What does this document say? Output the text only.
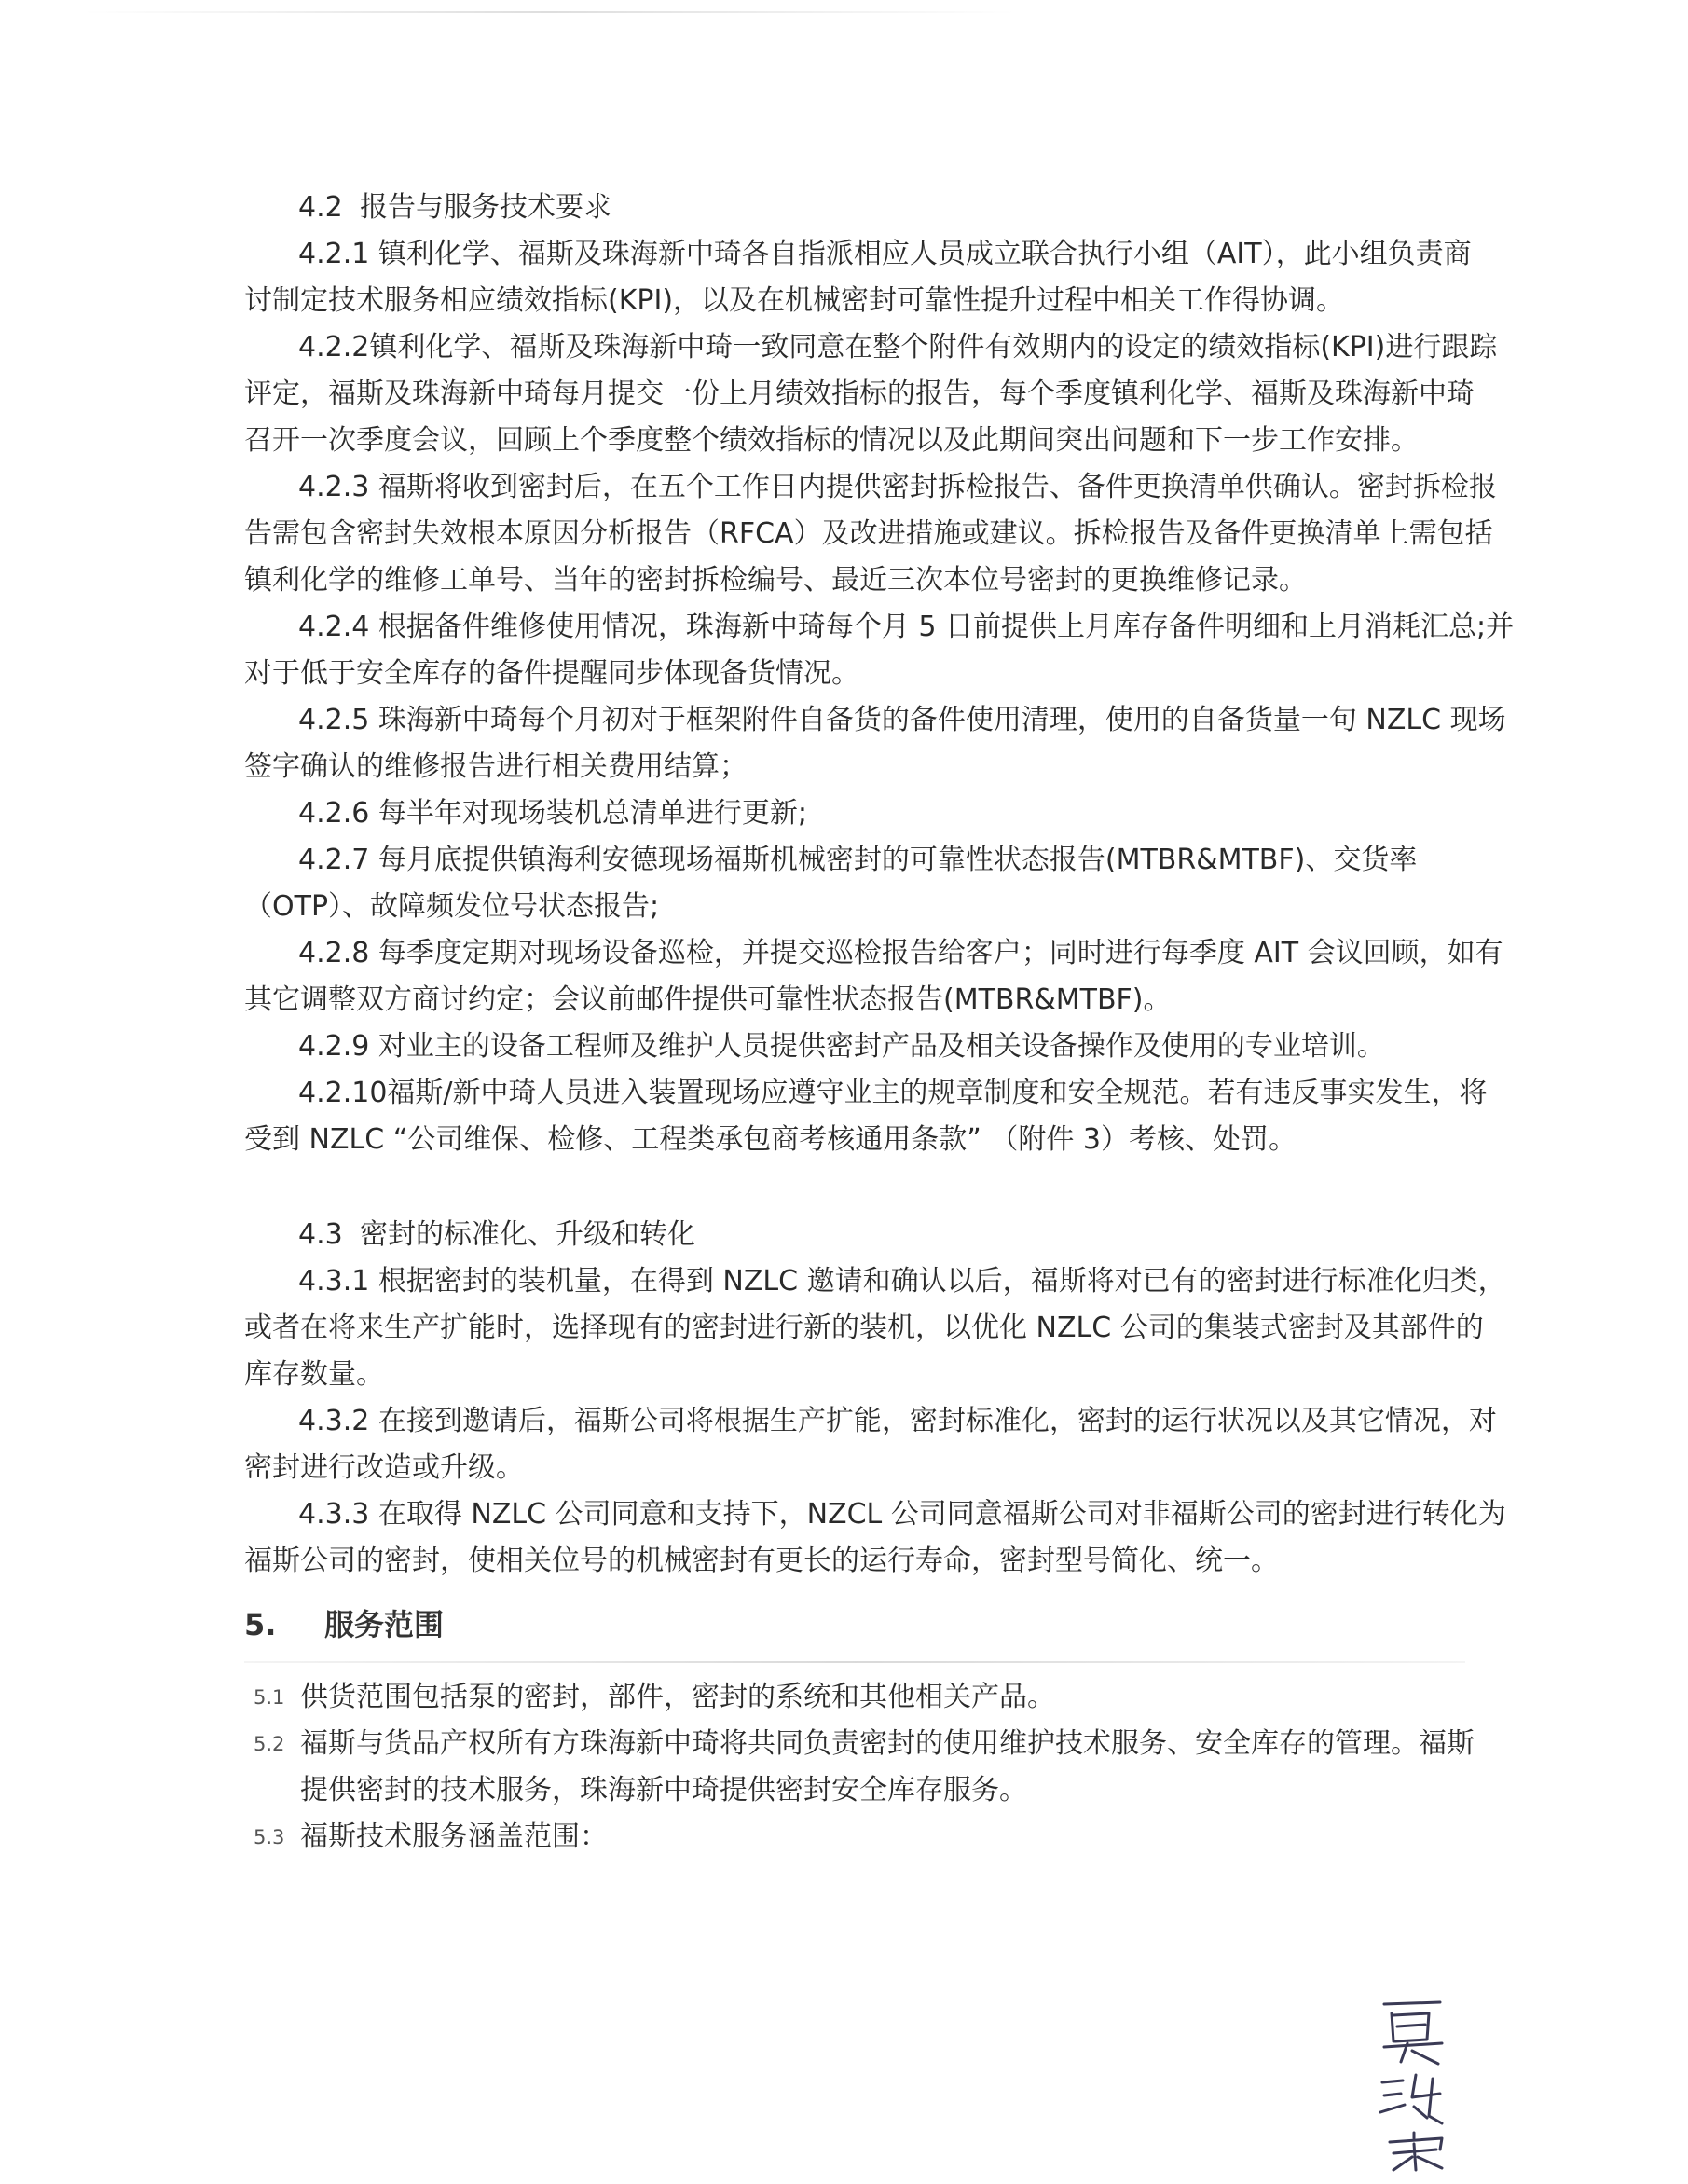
4.2 报告与服务技术要求
4.2.1 镇利化学、福斯及珠海新中琦各自指派相应人员成立联合执行小组（AIT），此小组负责商
讨制定技术服务相应绩效指标(KPI)，以及在机械密封可靠性提升过程中相关工作得协调。
4.2.2镇利化学、福斯及珠海新中琦一致同意在整个附件有效期内的设定的绩效指标(KPI)进行跟踪
评定，福斯及珠海新中琦每月提交一份上月绩效指标的报告，每个季度镇利化学、福斯及珠海新中琦
召开一次季度会议，回顾上个季度整个绩效指标的情况以及此期间突出问题和下一步工作安排。
4.2.3 福斯将收到密封后，在五个工作日内提供密封拆检报告、备件更换清单供确认。密封拆检报
告需包含密封失效根本原因分析报告（RFCA）及改进措施或建议。拆检报告及备件更换清单上需包括
镇利化学的维修工单号、当年的密封拆检编号、最近三次本位号密封的更换维修记录。
4.2.4 根据备件维修使用情况，珠海新中琦每个月 5 日前提供上月库存备件明细和上月消耗汇总;并
对于低于安全库存的备件提醒同步体现备货情况。
4.2.5 珠海新中琦每个月初对于框架附件自备货的备件使用清理，使用的自备货量一句 NZLC 现场
签字确认的维修报告进行相关费用结算；
4.2.6 每半年对现场装机总清单进行更新;
4.2.7 每月底提供镇海利安德现场福斯机械密封的可靠性状态报告(MTBR&MTBF)、交货率
（OTP）、故障频发位号状态报告;
4.2.8 每季度定期对现场设备巡检，并提交巡检报告给客户；同时进行每季度 AIT 会议回顾，如有
其它调整双方商讨约定；会议前邮件提供可靠性状态报告(MTBR&MTBF)。
4.2.9 对业主的设备工程师及维护人员提供密封产品及相关设备操作及使用的专业培训。
4.2.10福斯/新中琦人员进入装置现场应遵守业主的规章制度和安全规范。若有违反事实发生，将
受到 NZLC “公司维保、检修、工程类承包商考核通用条款” （附件 3）考核、处罚。
4.3 密封的标准化、升级和转化
4.3.1 根据密封的装机量，在得到 NZLC 邀请和确认以后，福斯将对已有的密封进行标准化归类，
或者在将来生产扩能时，选择现有的密封进行新的装机，以优化 NZLC 公司的集装式密封及其部件的
库存数量。
4.3.2 在接到邀请后，福斯公司将根据生产扩能，密封标准化，密封的运行状况以及其它情况，对
密封进行改造或升级。
4.3.3 在取得 NZLC 公司同意和支持下，NZCL 公司同意福斯公司对非福斯公司的密封进行转化为
福斯公司的密封，使相关位号的机械密封有更长的运行寿命，密封型号简化、统一。
5. 服务范围
5.1 供货范围包括泵的密封，部件，密封的系统和其他相关产品。
5.2 福斯与货品产权所有方珠海新中琦将共同负责密封的使用维护技术服务、安全库存的管理。福斯
提供密封的技术服务，珠海新中琦提供密封安全库存服务。
5.3 福斯技术服务涵盖范围：
